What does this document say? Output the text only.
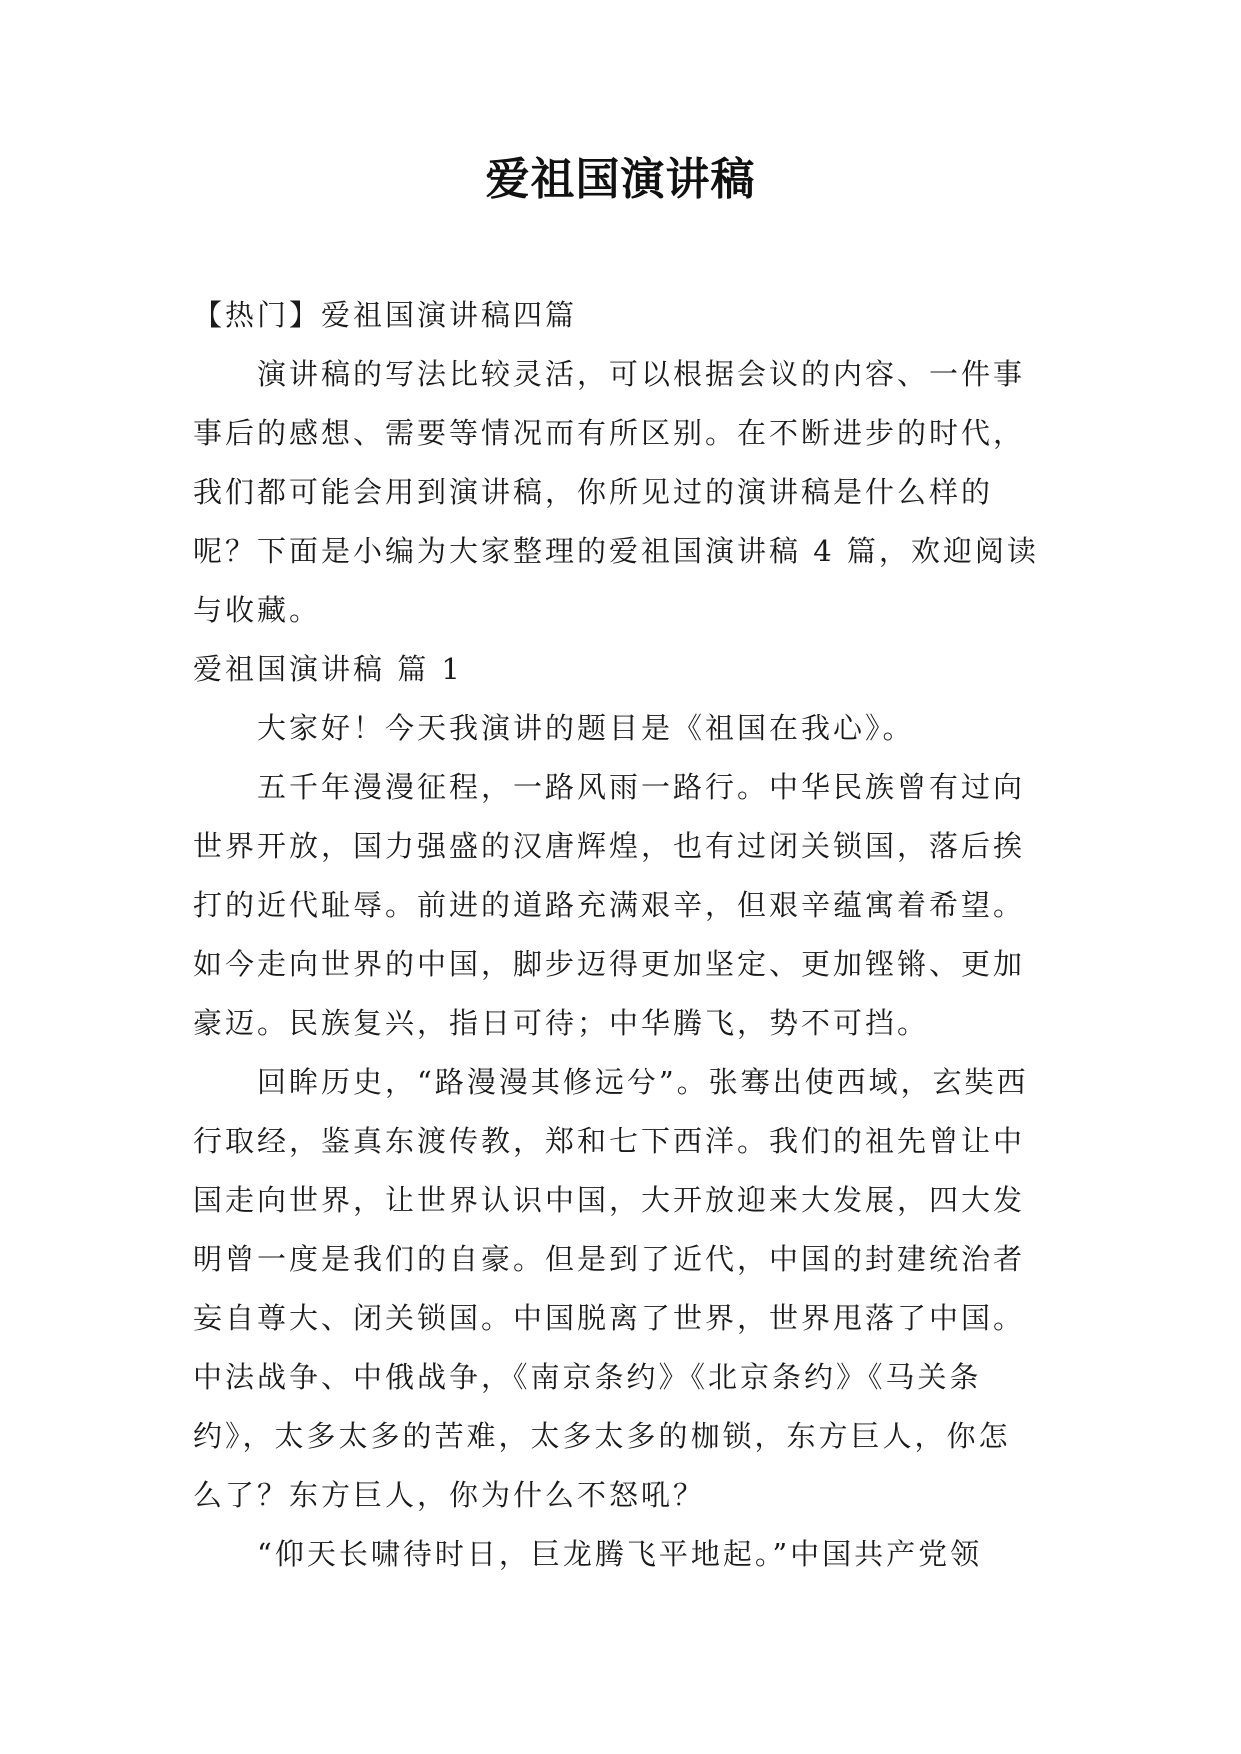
爱祖国演讲稿
【热门】爱祖国演讲稿四篇
演讲稿的写法比较灵活，可以根据会议的内容、一件事
事后的感想、需要等情况而有所区别。在不断进步的时代，
我们都可能会用到演讲稿，你所见过的演讲稿是什么样的
呢？下面是小编为大家整理的爱祖国演讲稿 4 篇，欢迎阅读
与收藏。
爱祖国演讲稿 篇 1
大家好！今天我演讲的题目是《祖国在我心》。
五千年漫漫征程，一路风雨一路行。中华民族曾有过向
世界开放，国力强盛的汉唐辉煌，也有过闭关锁国，落后挨
打的近代耻辱。前进的道路充满艰辛，但艰辛蕴寓着希望。
如今走向世界的中国，脚步迈得更加坚定、更加铿锵、更加
豪迈。民族复兴，指日可待；中华腾飞，势不可挡。
回眸历史，“路漫漫其修远兮”。张骞出使西域，玄奘西
行取经，鉴真东渡传教，郑和七下西洋。我们的祖先曾让中
国走向世界，让世界认识中国，大开放迎来大发展，四大发
明曾一度是我们的自豪。但是到了近代，中国的封建统治者
妄自尊大、闭关锁国。中国脱离了世界，世界甩落了中国。
中法战争、中俄战争，《南京条约》《北京条约》《马关条
约》，太多太多的苦难，太多太多的枷锁，东方巨人，你怎
么了？东方巨人，你为什么不怒吼？
“仰天长啸待时日，巨龙腾飞平地起。”中国共产党领
